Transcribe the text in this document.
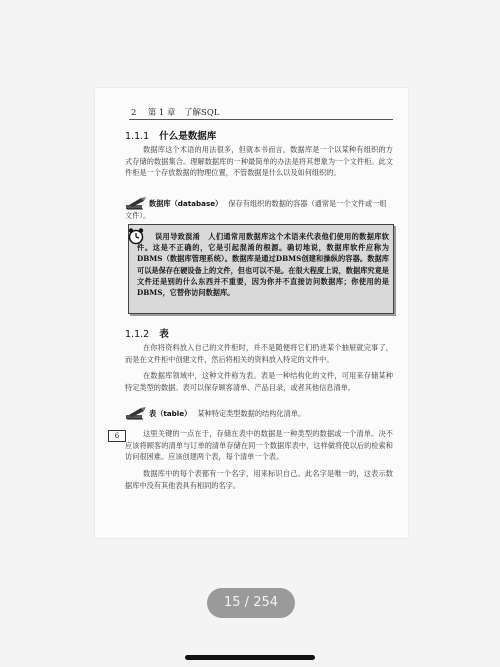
2 第 1 章　了解SQL
1.1.1 什么是数据库
数据库这个术语的用法很多，但就本书而言，数据库是一个以某种有组织的方式存储的数据集合。理解数据库的一种最简单的办法是将其想象为一个文件柜。此文件柜是一个存放数据的物理位置，不管数据是什么以及如何组织的。
数据库（database） 保存有组织的数据的容器（通常是一个文件或一组文件）。
误用导致混淆 人们通常用数据库这个术语来代表他们使用的数据库软件。这是不正确的，它是引起混淆的根源。确切地说，数据库软件应称为DBMS（数据库管理系统）。数据库是通过DBMS创建和操纵的容器。数据库可以是保存在硬设备上的文件，但也可以不是。在很大程度上说，数据库究竟是文件还是别的什么东西并不重要，因为你并不直接访问数据库；你使用的是DBMS，它替你访问数据库。
1.1.2 表
在你将资料放入自己的文件柜时，并不是随便将它们扔进某个抽屉就完事了，而是在文件柜中创建文件，然后将相关的资料放入特定的文件中。
在数据库领域中，这种文件称为表。表是一种结构化的文件，可用来存储某种特定类型的数据。表可以保存顾客清单、产品目录，或者其他信息清单。
表（table） 某种特定类型数据的结构化清单。
这里关键的一点在于，存储在表中的数据是一种类型的数据或一个清单。决不应该将顾客的清单与订单的清单存储在同一个数据库表中，这样做将使以后的检索和访问很困难。应该创建两个表，每个清单一个表。
数据库中的每个表都有一个名字，用来标识自己。此名字是唯一的，这表示数据库中没有其他表具有相同的名字。
6
15 / 254
